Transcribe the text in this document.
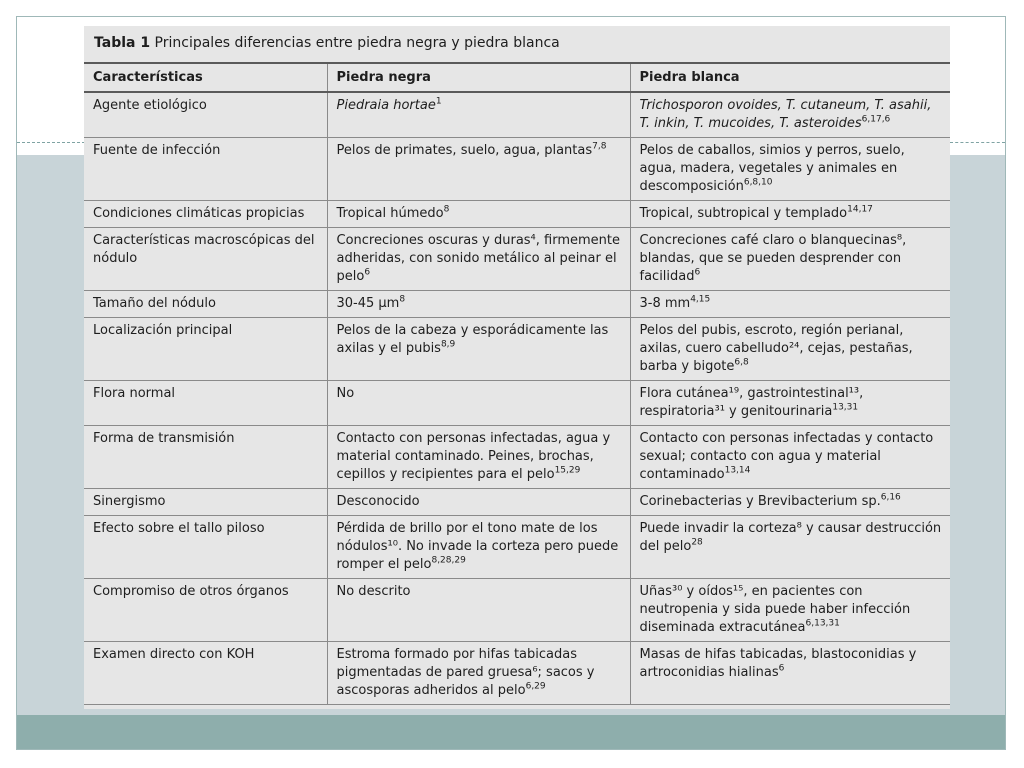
Tabla 1 Principales diferencias entre piedra negra y piedra blanca
Características	Piedra negra	Piedra blanca
Agente etiológico	Piedraia hortae$^1$	Trichosporon ovoides, T. cutaneum, T. asahii, T. inkin, T. mucoides, T. asteroides$^{6,17,6}$
Fuente de infección	Pelos de primates, suelo, agua, plantas$^{7,8}$	Pelos de caballos, simios y perros, suelo, agua, madera, vegetales y animales en descomposición$^{6,8,10}$
Condiciones climáticas propicias	Tropical húmedo$^8$	Tropical, subtropical y templado$^{14,17}$
Características macroscópicas del nódulo	Concreciones oscuras y duras⁴, firmemente adheridas, con sonido metálico al peinar el pelo$^6$	Concreciones café claro o blanquecinas⁸, blandas, que se pueden desprender con facilidad$^6$
Tamaño del nódulo	30-45 µm$^8$	3-8 mm$^{4,15}$
Localización principal	Pelos de la cabeza y esporádicamente las axilas y el pubis$^{8,9}$	Pelos del pubis, escroto, región perianal, axilas, cuero cabelludo²⁴, cejas, pestañas, barba y bigote$^{6,8}$
Flora normal	No	Flora cutánea¹⁹, gastrointestinal¹³, respiratoria³¹ y genitourinaria$^{13,31}$
Forma de transmisión	Contacto con personas infectadas, agua y material contaminado. Peines, brochas, cepillos y recipientes para el pelo$^{15,29}$	Contacto con personas infectadas y contacto sexual; contacto con agua y material contaminado$^{13,14}$
Sinergismo	Desconocido	Corinebacterias y Brevibacterium sp.$^{6,16}$
Efecto sobre el tallo piloso	Pérdida de brillo por el tono mate de los nódulos¹⁰. No invade la corteza pero puede romper el pelo$^{8,28,29}$	Puede invadir la corteza⁸ y causar destrucción del pelo$^{28}$
Compromiso de otros órganos	No descrito	Uñas³⁰ y oídos¹⁵, en pacientes con neutropenia y sida puede haber infección diseminada extracutánea$^{6,13,31}$
Examen directo con KOH	Estroma formado por hifas tabicadas pigmentadas de pared gruesa⁶; sacos y ascosporas adheridos al pelo$^{6,29}$	Masas de hifas tabicadas, blastoconidias y artroconidias hialinas$^6$
